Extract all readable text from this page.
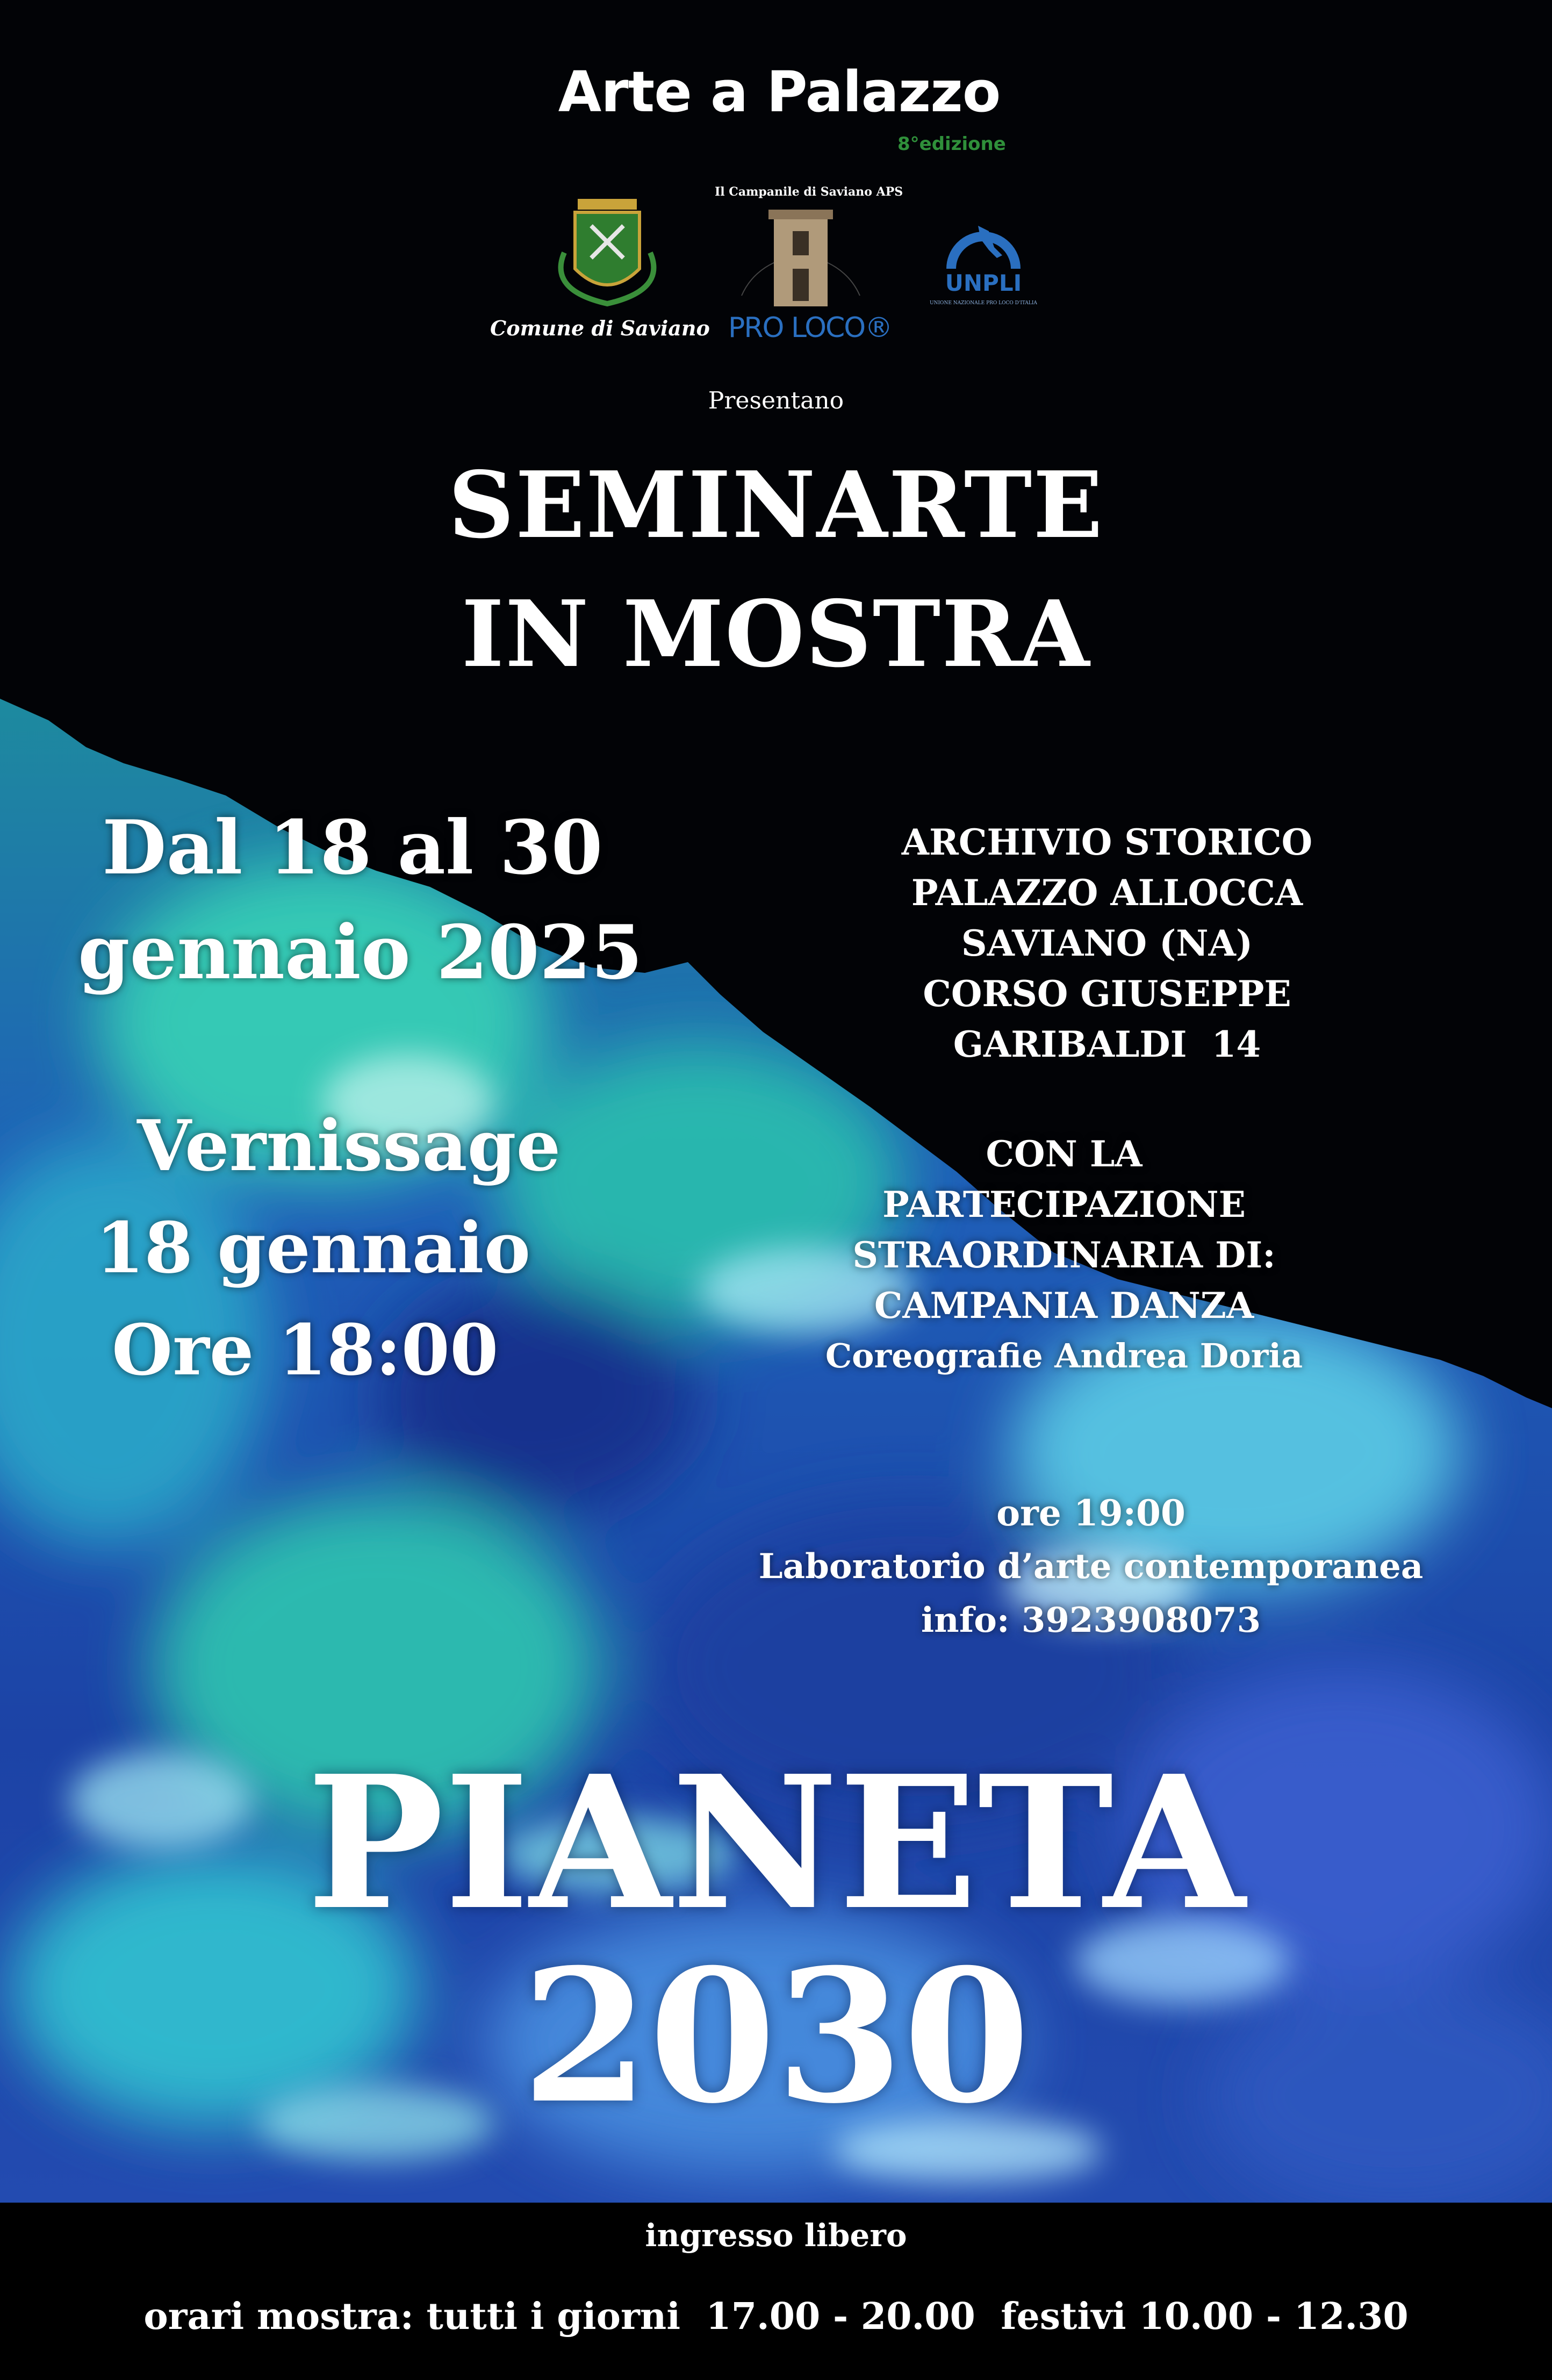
Arte a Palazzo
8°edizione
Comune di Saviano
Il Campanile di Saviano APS
PRO LOCO®
UNPLI
UNIONE NAZIONALE PRO LOCO D'ITALIA
Presentano
SEMINARTE
IN MOSTRA
Dal 18 al 30
gennaio 2025
Vernissage
18 gennaio
Ore 18:00
ARCHIVIO STORICO
PALAZZO ALLOCCA
SAVIANO (NA)
CORSO GIUSEPPE
GARIBALDI  14
CON LA
PARTECIPAZIONE
STRAORDINARIA DI:
CAMPANIA DANZA
Coreografie Andrea Doria
ore 19:00
Laboratorio d’arte contemporanea
info: 3923908073
PIANETA
2030
ingresso libero
orari mostra: tutti i giorni  17.00 - 20.00  festivi 10.00 - 12.30
